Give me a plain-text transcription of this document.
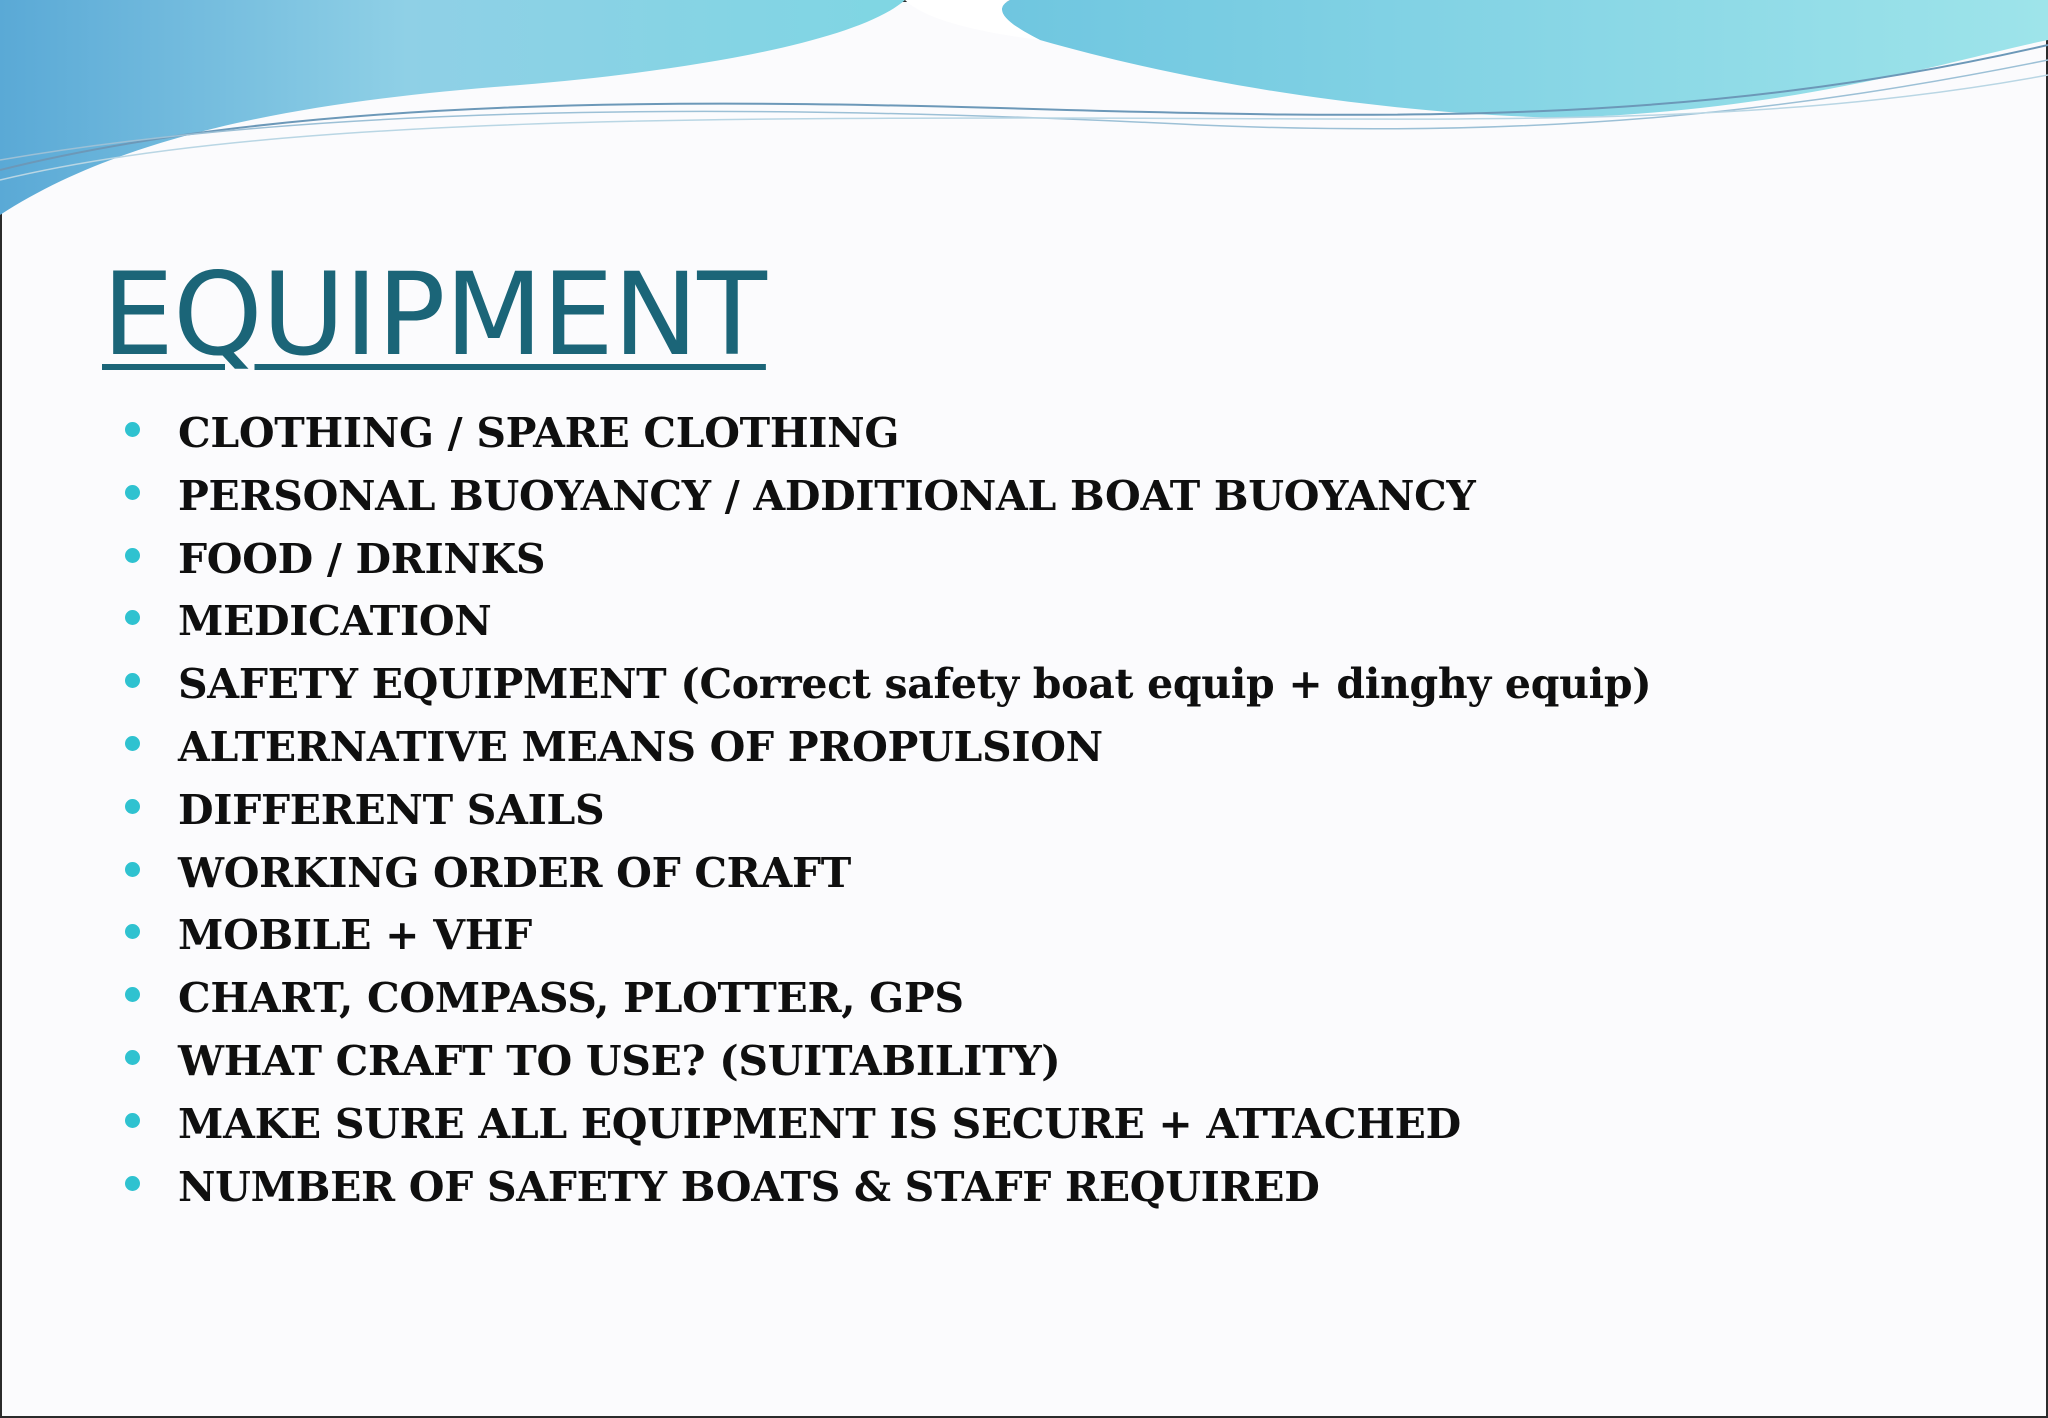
EQUIPMENT
CLOTHING / SPARE CLOTHING
PERSONAL BUOYANCY / ADDITIONAL BOAT BUOYANCY
FOOD / DRINKS
MEDICATION
SAFETY EQUIPMENT (Correct safety boat equip + dinghy equip)
ALTERNATIVE MEANS OF PROPULSION
DIFFERENT SAILS
WORKING ORDER OF CRAFT
MOBILE + VHF
CHART, COMPASS, PLOTTER, GPS
WHAT CRAFT TO USE? (SUITABILITY)
MAKE SURE ALL EQUIPMENT IS SECURE + ATTACHED
NUMBER OF SAFETY BOATS & STAFF REQUIRED
